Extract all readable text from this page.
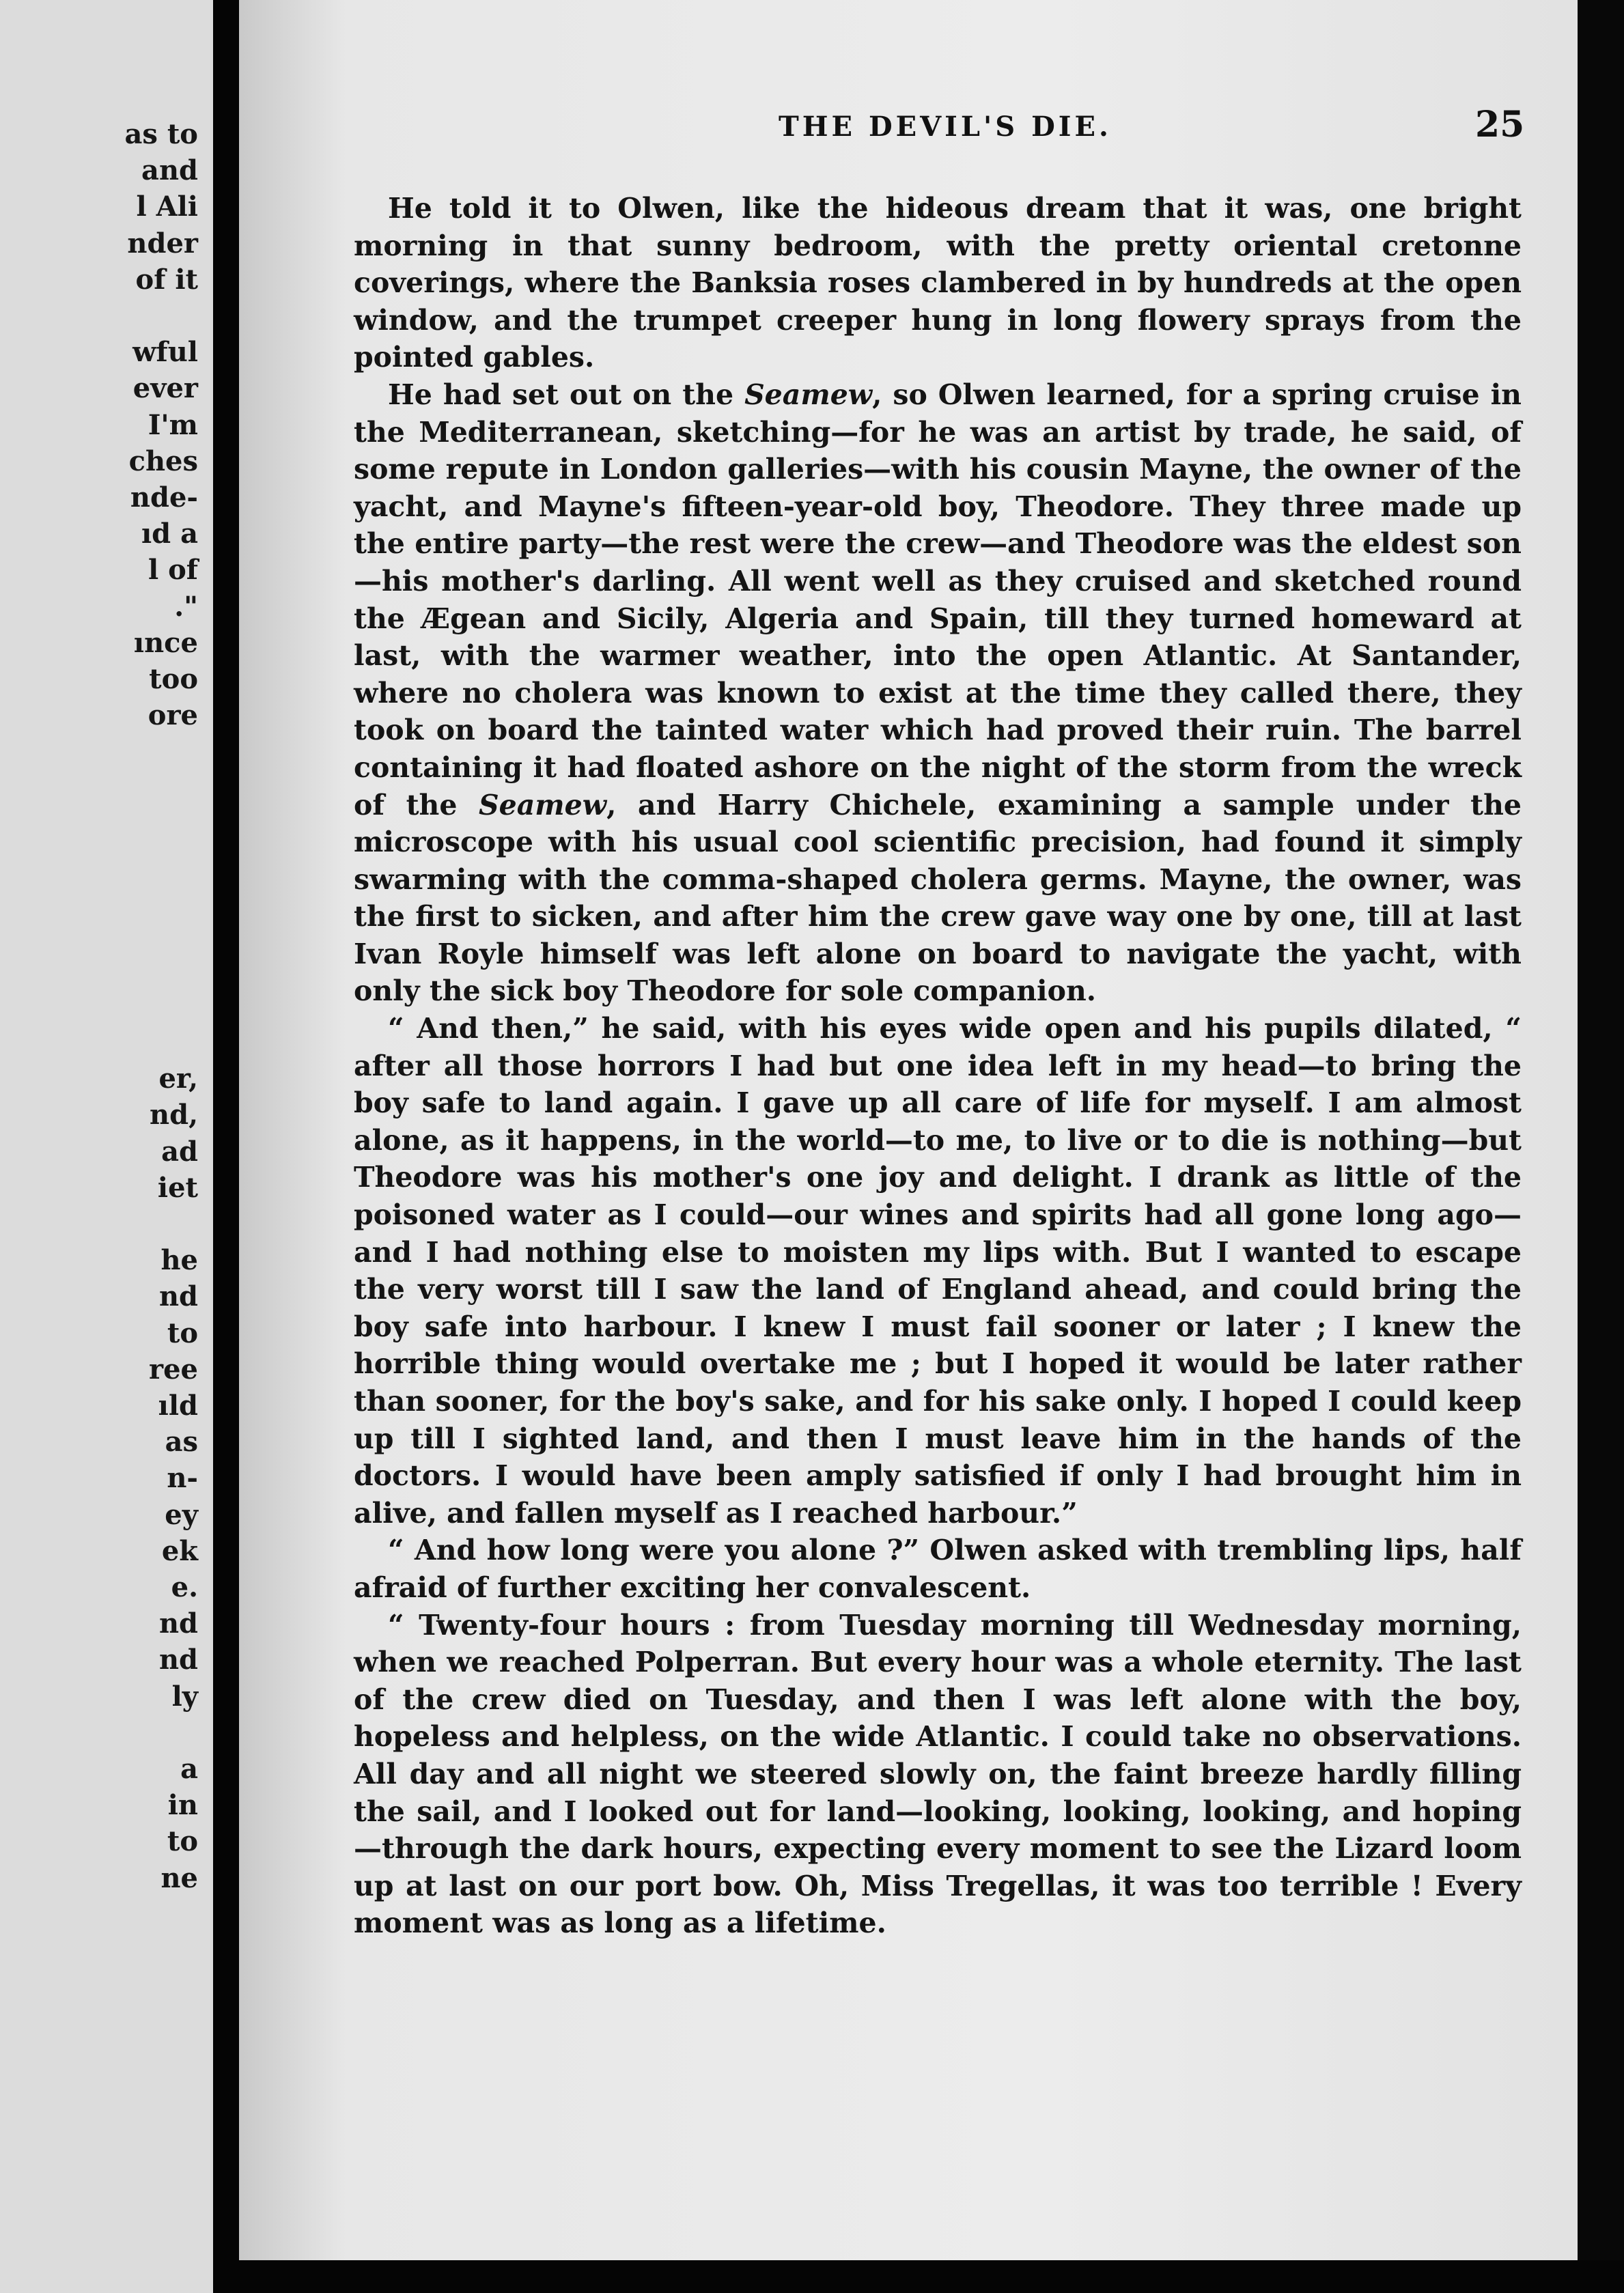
as to
and
l Ali
nder
of it
wful
ever
I'm
ches
nde-
ıd a
l of
."
ınce
too
ore
er,
nd,
ad
iet
he
nd
to
ree
ıld
as
n-
ey
ek
e.
nd
nd
ly
a
in
to
ne
THE DEVIL'S DIE.	25

He told it to Olwen, like the hideous dream that it was, one bright morning in that sunny bedroom, with the pretty oriental cretonne coverings, where the Banksia roses clambered in by hundreds at the open window, and the trumpet creeper hung in long flowery sprays from the pointed gables.

He had set out on the Seamew, so Olwen learned, for a spring cruise in the Mediterranean, sketching—for he was an artist by trade, he said, of some repute in London galleries—with his cousin Mayne, the owner of the yacht, and Mayne's fifteen-year-old boy, Theodore. They three made up the entire party—the rest were the crew—and Theodore was the eldest son—his mother's darling. All went well as they cruised and sketched round the Ægean and Sicily, Algeria and Spain, till they turned homeward at last, with the warmer weather, into the open Atlantic. At Santander, where no cholera was known to exist at the time they called there, they took on board the tainted water which had proved their ruin. The barrel containing it had floated ashore on the night of the storm from the wreck of the Seamew, and Harry Chichele, examining a sample under the microscope with his usual cool scientific precision, had found it simply swarming with the comma-shaped cholera germs. Mayne, the owner, was the first to sicken, and after him the crew gave way one by one, till at last Ivan Royle himself was left alone on board to navigate the yacht, with only the sick boy Theodore for sole companion.

“ And then,” he said, with his eyes wide open and his pupils dilated, “ after all those horrors I had but one idea left in my head—to bring the boy safe to land again. I gave up all care of life for myself. I am almost alone, as it happens, in the world—to me, to live or to die is nothing—but Theodore was his mother's one joy and delight. I drank as little of the poisoned water as I could—our wines and spirits had all gone long ago—and I had nothing else to moisten my lips with. But I wanted to escape the very worst till I saw the land of England ahead, and could bring the boy safe into harbour. I knew I must fail sooner or later ; I knew the horrible thing would overtake me ; but I hoped it would be later rather than sooner, for the boy's sake, and for his sake only. I hoped I could keep up till I sighted land, and then I must leave him in the hands of the doctors. I would have been amply satisfied if only I had brought him in alive, and fallen myself as I reached harbour.”

“ And how long were you alone ?” Olwen asked with trembling lips, half afraid of further exciting her convalescent.

“ Twenty-four hours : from Tuesday morning till Wednesday morning, when we reached Polperran. But every hour was a whole eternity. The last of the crew died on Tuesday, and then I was left alone with the boy, hopeless and helpless, on the wide Atlantic. I could take no observations. All day and all night we steered slowly on, the faint breeze hardly filling the sail, and I looked out for land—looking, looking, looking, and hoping—through the dark hours, expecting every moment to see the Lizard loom up at last on our port bow. Oh, Miss Tregellas, it was too terrible ! Every moment was as long as a lifetime.
